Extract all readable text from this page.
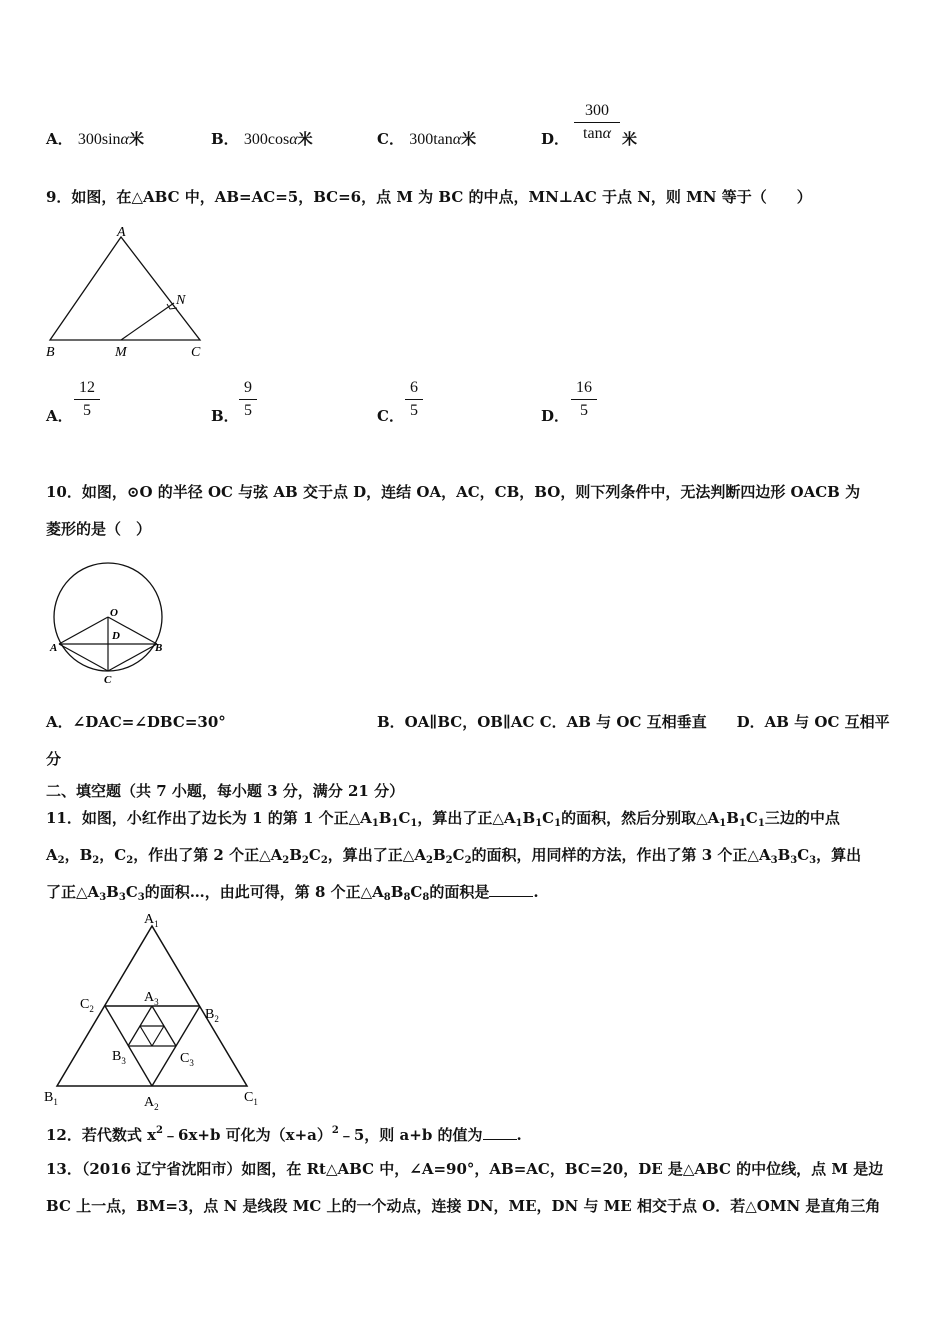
A． 300sinα米	B． 300cosα米	C． 300tanα米	D． $\frac{300}{\tan\alpha}$ 米
9．如图，在△ABC 中，AB=AC=5，BC=6，点 M 为 BC 的中点，MN⊥AC 于点 N，则 MN 等于（　　）
A
B	C
M
N
A． $\frac{12}{5}$	B． $\frac{9}{5}$	C． $\frac{6}{5}$	D． $\frac{16}{5}$
10．如图，⊙O 的半径 OC 与弦 AB 交于点 D，连结 OA，AC，CB，BO，则下列条件中，无法判断四边形 OACB 为
菱形的是（　）
O
D
A	B
C
A．∠DAC=∠DBC=30°	B．OA∥BC，OB∥AC C．AB 与 OC 互相垂直　　D．AB 与 OC 互相平
分
二、填空题（共 7 小题，每小题 3 分，满分 21 分）
11．如图，小红作出了边长为 1 的第 1 个正$\triangle A_1B_1C_1$，算出了正$\triangle A_1B_1C_1$的面积，然后分别取$\triangle A_1B_1C_1$三边的中点
$A_2$，$B_2$，$C_2$，作出了第 2 个正$\triangle A_2B_2C_2$，算出了正$\triangle A_2B_2C_2$的面积，用同样的方法，作出了第 3 个正$\triangle A_3B_3C_3$，算出
了正$\triangle A_3B_3C_3$的面积…，由此可得，第 8 个正$\triangle A_8B_8C_8$的面积是	.
$A_1$
$C_2$
$A_3$
$B_2$
$B_3$	$C_3$
$B_1$	$A_2$
$C_1$
12．若代数式 $x^2﹣6x+b$ 可化为$(x+a)^2﹣5$，则 a+b 的值为 .
13．（2016 辽宁省沈阳市）如图，在 Rt△ABC 中，∠A=90°，AB=AC，BC=20，DE 是△ABC 的中位线，点 M 是边
BC 上一点，BM=3，点 N 是线段 MC 上的一个动点，连接 DN，ME，DN 与 ME 相交于点 O．若△OMN 是直角三角
